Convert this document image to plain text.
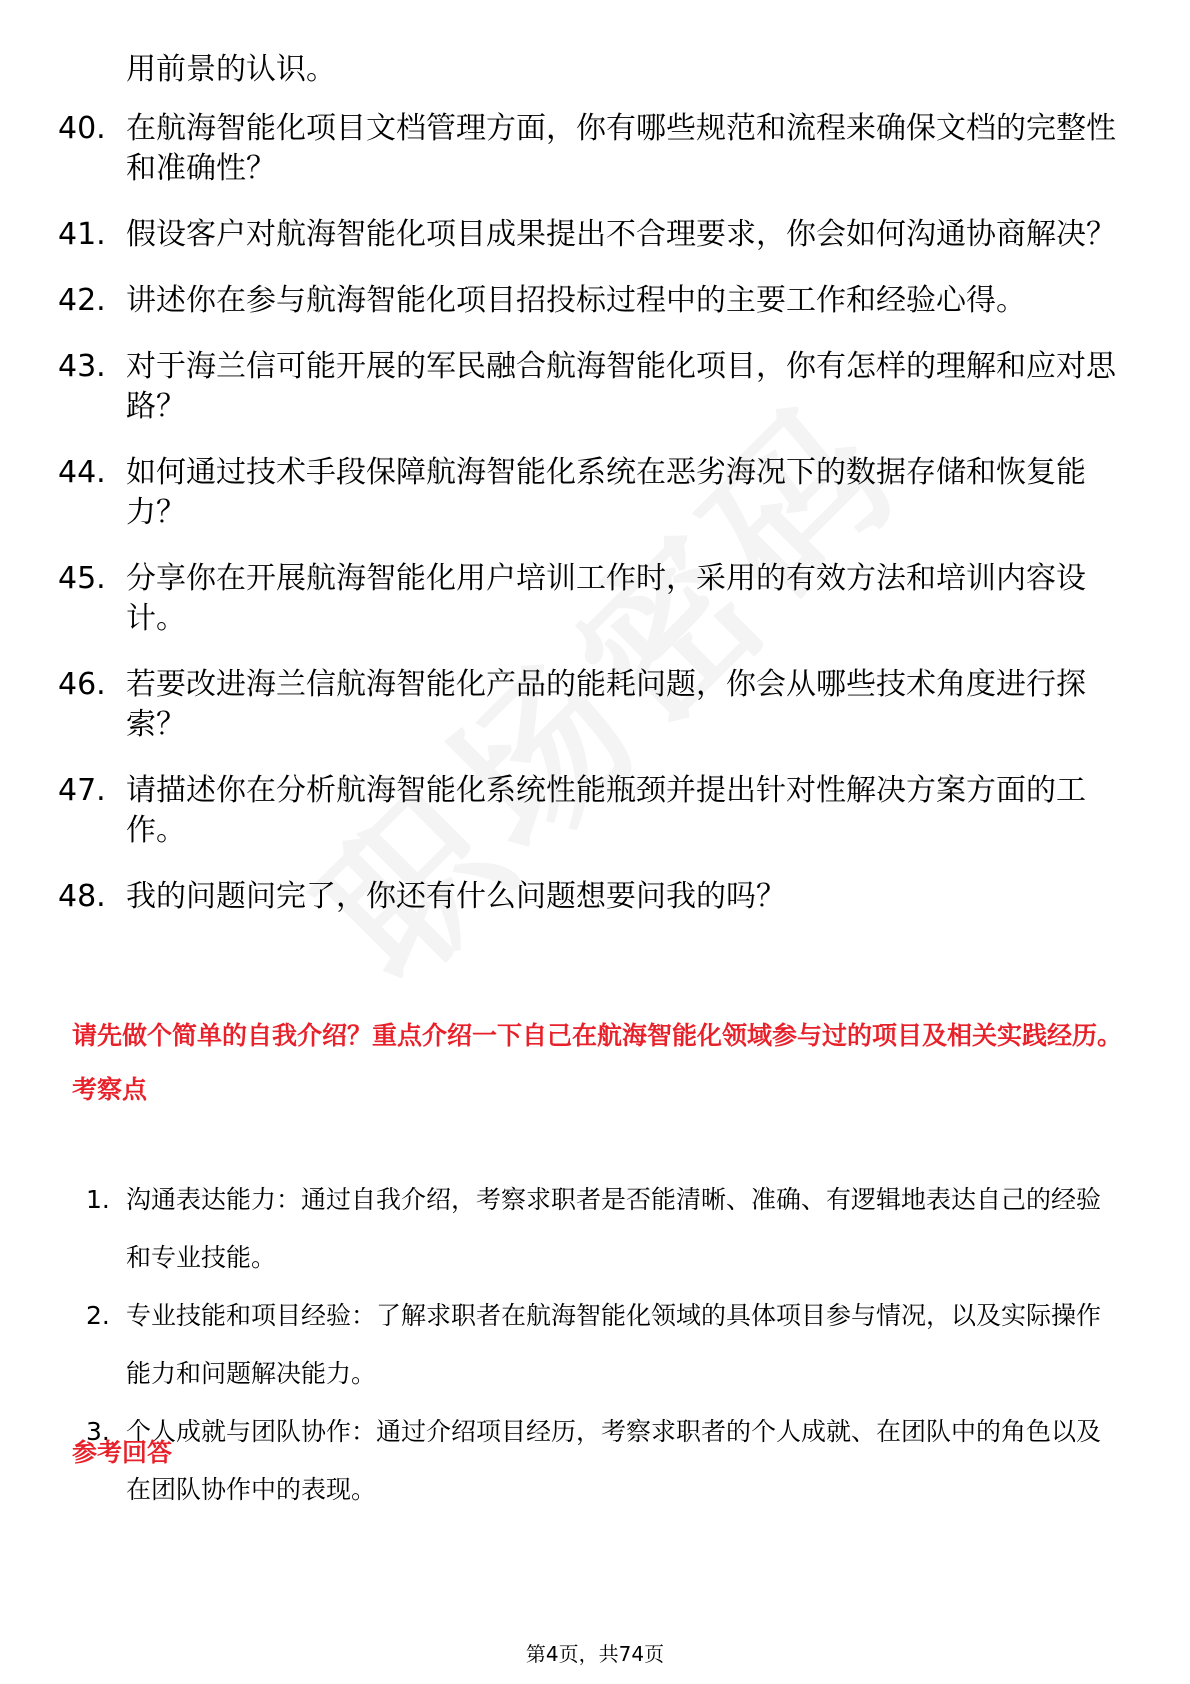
用前景的认识。
40. 在航海智能化项目文档管理方面，你有哪些规范和流程来确保文档的完整性和准确性？
41. 假设客户对航海智能化项目成果提出不合理要求，你会如何沟通协商解决？
42. 讲述你在参与航海智能化项目招投标过程中的主要工作和经验心得。
43. 对于海兰信可能开展的军民融合航海智能化项目，你有怎样的理解和应对思路？
44. 如何通过技术手段保障航海智能化系统在恶劣海况下的数据存储和恢复能力？
45. 分享你在开展航海智能化用户培训工作时，采用的有效方法和培训内容设计。
46. 若要改进海兰信航海智能化产品的能耗问题，你会从哪些技术角度进行探索？
47. 请描述你在分析航海智能化系统性能瓶颈并提出针对性解决方案方面的工作。
48. 我的问题问完了，你还有什么问题想要问我的吗？
请先做个简单的自我介绍？重点介绍一下自己在航海智能化领域参与过的项目及相关实践经历。
考察点
1. 沟通表达能力：通过自我介绍，考察求职者是否能清晰、准确、有逻辑地表达自己的经验和专业技能。
2. 专业技能和项目经验：了解求职者在航海智能化领域的具体项目参与情况，以及实际操作能力和问题解决能力。
3. 个人成就与团队协作：通过介绍项目经历，考察求职者的个人成就、在团队中的角色以及在团队协作中的表现。
参考回答
第4页，共74页
